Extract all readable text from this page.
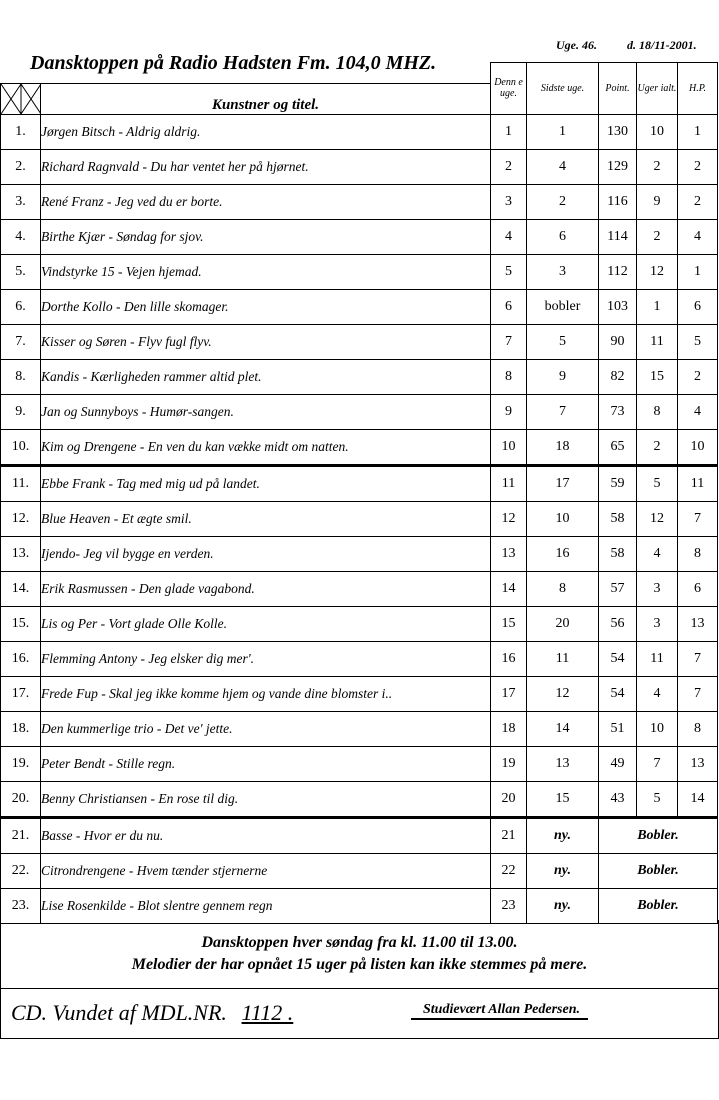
Uge. 46.	d. 18/11-2001.
Dansktoppen på Radio Hadsten Fm. 104,0 MHZ.
		Denn e uge.	Sidste uge.	Point.	Uger ialt.	H.P.

	Kunstner og titel.					
1.	Jørgen Bitsch - Aldrig aldrig.	1	1	130	10	1
2.	Richard Ragnvald - Du har ventet her på hjørnet.	2	4	129	2	2
3.	René Franz - Jeg ved du er borte.	3	2	116	9	2
4.	Birthe Kjær - Søndag for sjov.	4	6	114	2	4
5.	Vindstyrke 15 - Vejen hjemad.	5	3	112	12	1
6.	Dorthe Kollo - Den lille skomager.	6	bobler	103	1	6
7.	Kisser og Søren - Flyv fugl flyv.	7	5	90	11	5
8.	Kandis - Kærligheden rammer altid plet.	8	9	82	15	2
9.	Jan og Sunnyboys - Humør-sangen.	9	7	73	8	4
10.	Kim og Drengene - En ven du kan vække midt om natten.	10	18	65	2	10
11.	Ebbe Frank - Tag med mig ud på landet.	11	17	59	5	11
12.	Blue Heaven - Et ægte smil.	12	10	58	12	7
13.	Ijendo- Jeg vil bygge en verden.	13	16	58	4	8
14.	Erik Rasmussen - Den glade vagabond.	14	8	57	3	6
15.	Lis og Per - Vort glade Olle Kolle.	15	20	56	3	13
16.	Flemming Antony - Jeg elsker dig mer'.	16	11	54	11	7
17.	Frede Fup - Skal jeg ikke komme hjem og vande dine blomster i..	17	12	54	4	7
18.	Den kummerlige trio - Det ve' jette.	18	14	51	10	8
19.	Peter Bendt - Stille regn.	19	13	49	7	13
20.	Benny Christiansen - En rose til dig.	20	15	43	5	14
21.	Basse - Hvor er du nu.	21	ny.	Bobler.		
22.	Citrondrengene - Hvem tænder stjernerne	22	ny.	Bobler.		
23.	Lise Rosenkilde - Blot slentre gennem regn	23	ny.	Bobler.		
Dansktoppen hver søndag fra kl. 11.00 til 13.00.
Melodier der har opnået 15 uger på listen kan ikke stemmes på mere.
CD. Vundet af MDL.NR. 1112 .	Studievært Allan Pedersen.
